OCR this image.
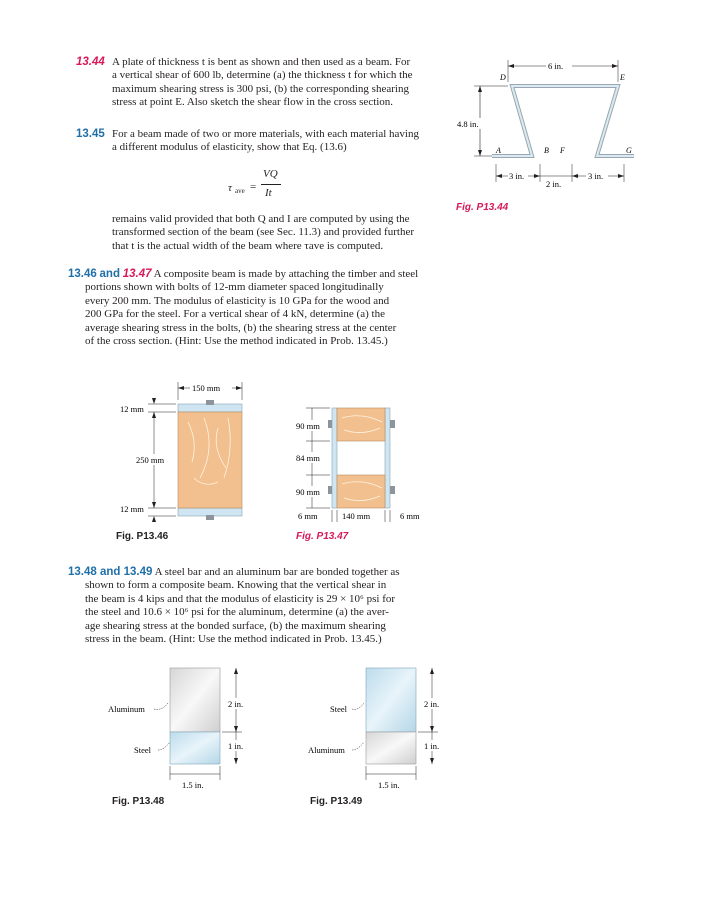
13.44 A plate of thickness t is bent as shown and then used as a beam. For
a vertical shear of 600 lb, determine (a) the thickness t for which the
maximum shearing stress is 300 psi, (b) the corresponding shearing
stress at point E. Also sketch the shear flow in the cross section.
13.45 For a beam made of two or more materials, with each material having
a different modulus of elasticity, show that Eq. (13.6)
τ ave =
VQ
It
remains valid provided that both Q and I are computed by using the
transformed section of the beam (see Sec. 11.3) and provided further
that t is the actual width of the beam where τave is computed.
13.46 and 13.47 A composite beam is made by attaching the timber and steel
portions shown with bolts of 12-mm diameter spaced longitudinally
every 200 mm. The modulus of elasticity is 10 GPa for the wood and
200 GPa for the steel. For a vertical shear of 4 kN, determine (a) the
average shearing stress in the bolts, (b) the shearing stress at the center
of the cross section. (Hint: Use the method indicated in Prob. 13.45.)
13.48 and 13.49 A steel bar and an aluminum bar are bonded together as
shown to form a composite beam. Knowing that the vertical shear in
the beam is 4 kips and that the modulus of elasticity is 29 × 10⁶ psi for
the steel and 10.6 × 10⁶ psi for the aluminum, determine (a) the aver-
age shearing stress at the bonded surface, (b) the maximum shearing
stress in the beam. (Hint: Use the method indicated in Prob. 13.45.)
6 in.
4.8 in.
D	E
A	B F	G
3 in.
2 in.
3 in.
Fig. P13.44
150 mm
12 mm
250 mm
12 mm
Fig. P13.46
90 mm
84 mm
90 mm
6 mm	140 mm	6 mm
Fig. P13.47
Aluminum
Steel
2 in.
1 in.
1.5 in.
Fig. P13.48
Steel
Aluminum
2 in.
1 in.
1.5 in.
Fig. P13.49
